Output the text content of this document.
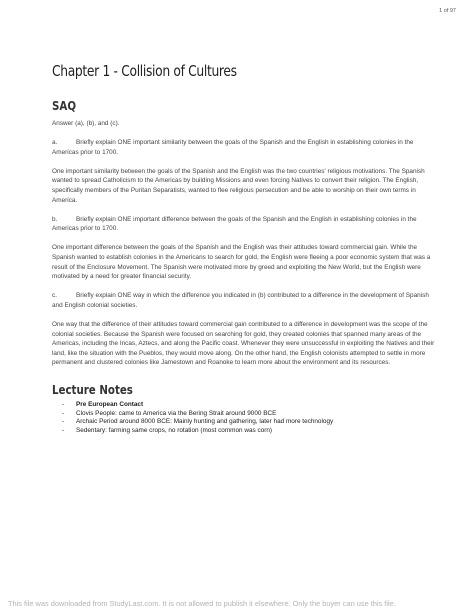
1 of 97
Chapter 1 - Collision of Cultures
SAQ

Answer (a), (b), and (c).

a.	Briefly explain ONE important similarity between the goals of the Spanish and the English in establishing colonies in the Americas prior to 1700.

One important similarity between the goals of the Spanish and the English was the two countries' religious motivations. The Spanish wanted to spread Catholicism to the Americas by building Missions and even forcing Natives to convert their religion. The English, specifically members of the Puritan Separatists, wanted to flee religious persecution and be able to worship on their own terms in America.

b.	Briefly explain ONE important difference between the goals of the Spanish and the English in establishing colonies in the Americas prior to 1700.

One important difference between the goals of the Spanish and the English was their attitudes toward commercial gain. While the Spanish wanted to establish colonies in the Americans to search for gold, the English were fleeing a poor economic system that was a result of the Enclosure Movement. The Spanish were motivated more by greed and exploiting the New World, but the English were motivated by a need for greater financial security.

c.	Briefly explain ONE way in which the difference you indicated in (b) contributed to a difference in the development of Spanish and English colonial societies.

One way that the difference of their attitudes toward commercial gain contributed to a difference in development was the scope of the colonial societies. Because the Spanish were focused on searching for gold, they created colonies that spanned many areas of the Americas, including the Incas, Aztecs, and along the Pacific coast. Whenever they were unsuccessful in exploiting the Natives and their land, like the situation with the Pueblos, they would move along. On the other hand, the English colonists attempted to settle in more permanent and clustered colonies like Jamestown and Roanoke to learn more about the environment and its resources.

Lecture Notes
-	Pre European Contact
-	Clovis People: came to America via the Bering Strait around 9000 BCE
-	Archaic Period around 8000 BCE: Mainly hunting and gathering, later had more technology
-	Sedentary: farming same crops, no rotation (most common was corn)
This file was downloaded from StudyLast.com. It is not allowed to publish it elsewhere. Only the buyer can use this file.
